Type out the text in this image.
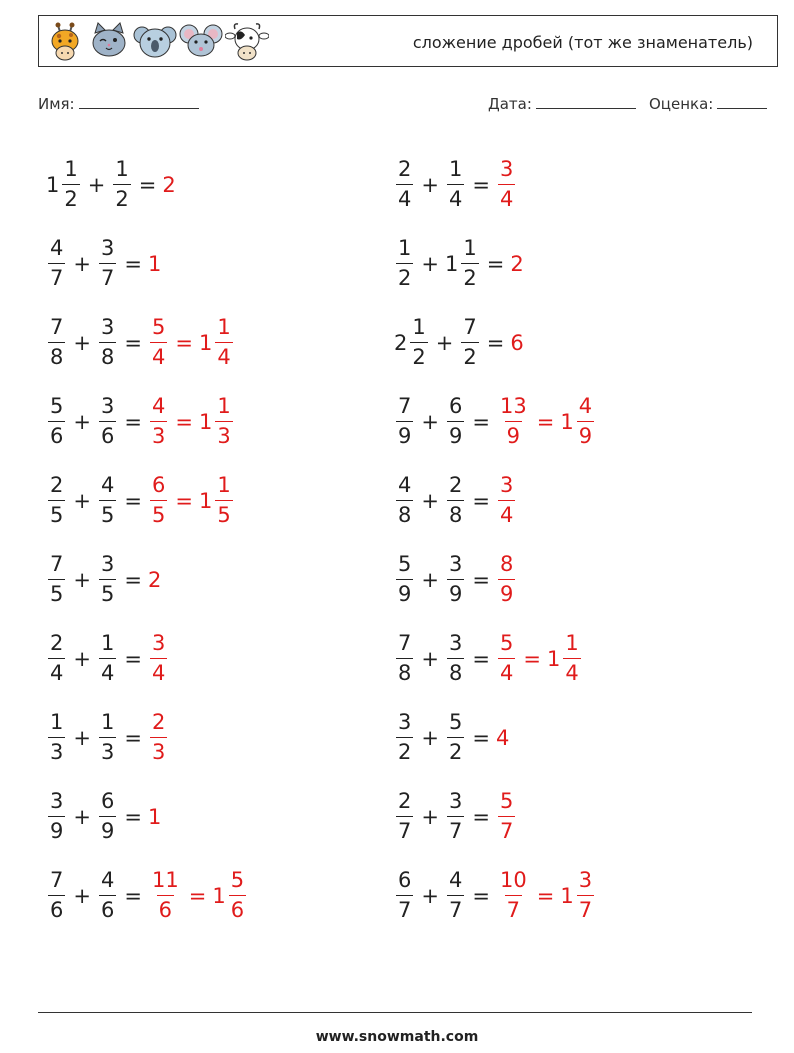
сложение дробей (тот же знаменатель)
Имя:	Дата:	Оценка:
$1 \frac{1}{2} + \frac{1}{2} = 2$
$\frac{4}{7} + \frac{3}{7} = 1$
$\frac{7}{8} + \frac{3}{8} = \frac{5}{4} = 1 \frac{1}{4}$
$\frac{5}{6} + \frac{3}{6} = \frac{4}{3} = 1 \frac{1}{3}$
$\frac{2}{5} + \frac{4}{5} = \frac{6}{5} = 1 \frac{1}{5}$
$\frac{7}{5} + \frac{3}{5} = 2$
$\frac{2}{4} + \frac{1}{4} = \frac{3}{4}$
$\frac{1}{3} + \frac{1}{3} = \frac{2}{3}$
$\frac{3}{9} + \frac{6}{9} = 1$
$\frac{7}{6} + \frac{4}{6} = \frac{11}{6} = 1 \frac{5}{6}$
$\frac{2}{4} + \frac{1}{4} = \frac{3}{4}$
$\frac{1}{2} + 1 \frac{1}{2} = 2$
$2 \frac{1}{2} + \frac{7}{2} = 6$
$\frac{7}{9} + \frac{6}{9} = \frac{13}{9} = 1 \frac{4}{9}$
$\frac{4}{8} + \frac{2}{8} = \frac{3}{4}$
$\frac{5}{9} + \frac{3}{9} = \frac{8}{9}$
$\frac{7}{8} + \frac{3}{8} = \frac{5}{4} = 1 \frac{1}{4}$
$\frac{3}{2} + \frac{5}{2} = 4$
$\frac{2}{7} + \frac{3}{7} = \frac{5}{7}$
$\frac{6}{7} + \frac{4}{7} = \frac{10}{7} = 1 \frac{3}{7}$
www.snowmath.com
